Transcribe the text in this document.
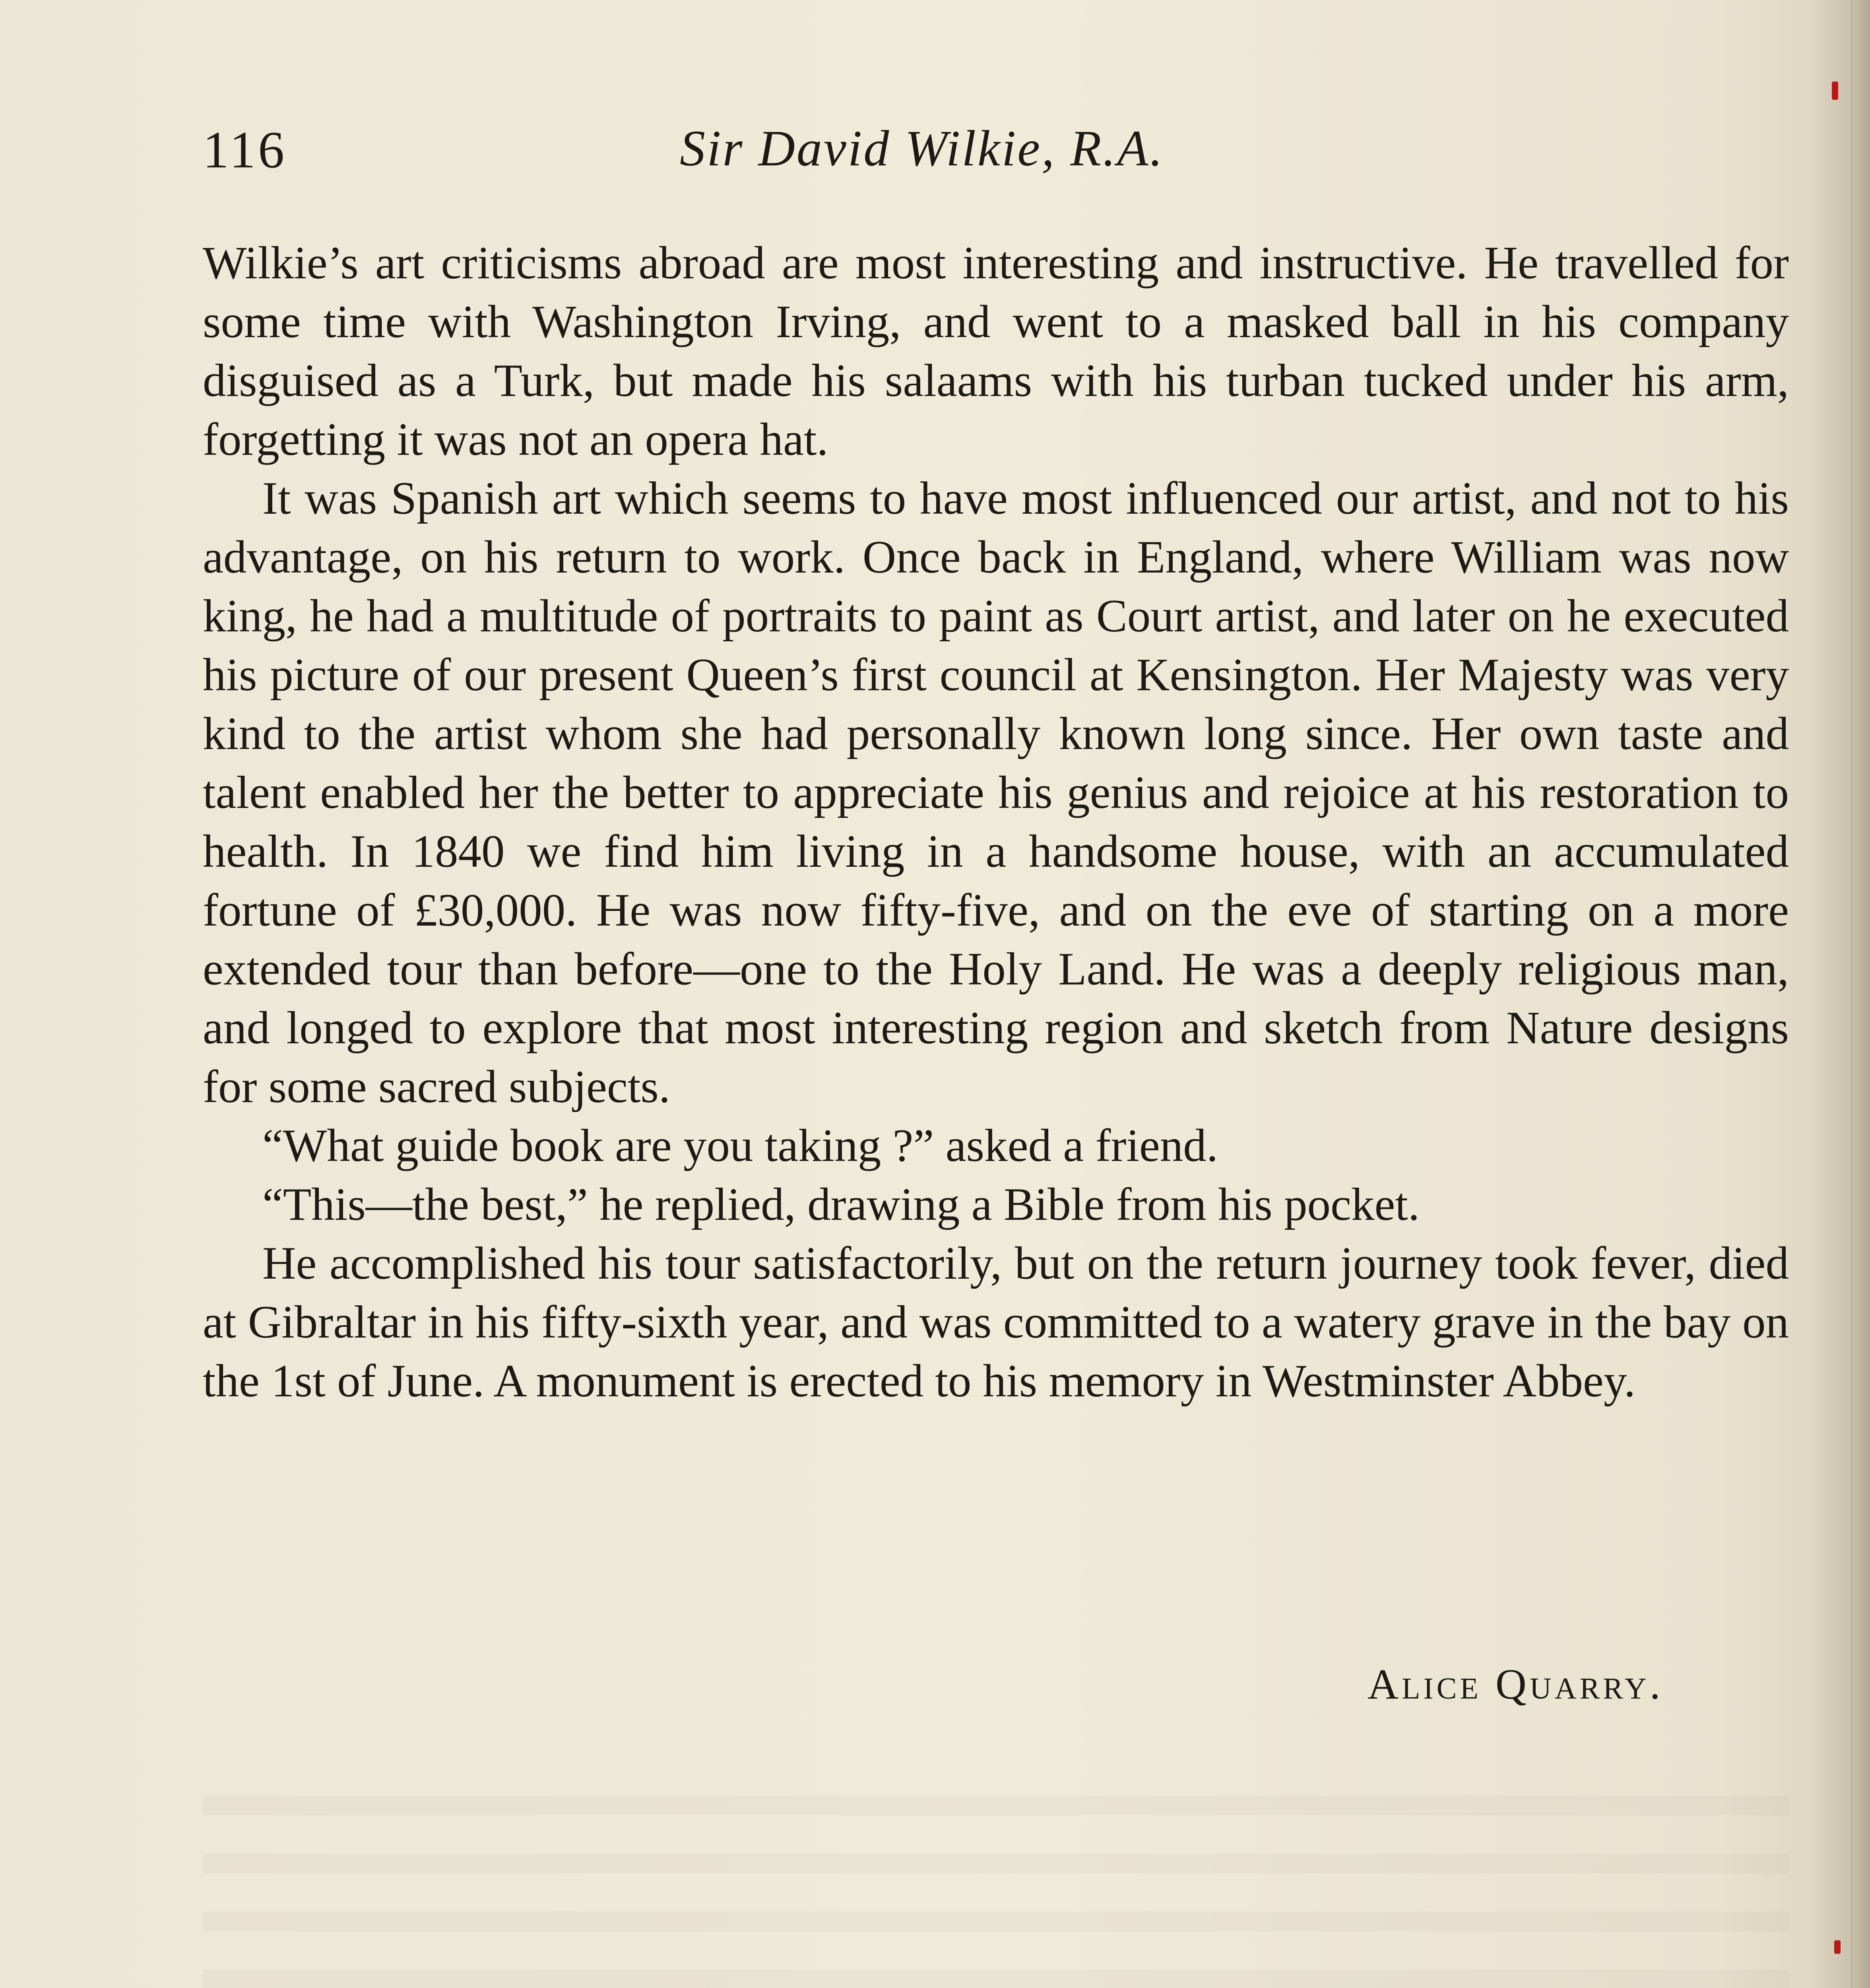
116	Sir David Wilkie, R.A.

Wilkie’s art criticisms abroad are most interesting and instructive. He travelled for some time with Washington Irving, and went to a masked ball in his company disguised as a Turk, but made his salaams with his turban tucked under his arm, forgetting it was not an opera hat.

It was Spanish art which seems to have most influenced our artist, and not to his advantage, on his return to work. Once back in England, where William was now king, he had a multitude of portraits to paint as Court artist, and later on he executed his picture of our present Queen’s first council at Kensington. Her Majesty was very kind to the artist whom she had personally known long since. Her own taste and talent enabled her the better to appreciate his genius and rejoice at his restoration to health. In 1840 we find him living in a handsome house, with an accumulated fortune of £30,000. He was now fifty-five, and on the eve of starting on a more extended tour than before—one to the Holy Land. He was a deeply religious man, and longed to explore that most interesting region and sketch from Nature designs for some sacred subjects.

“What guide book are you taking ?” asked a friend.

“This—the best,” he replied, drawing a Bible from his pocket.

He accomplished his tour satisfactorily, but on the return journey took fever, died at Gibraltar in his fifty-sixth year, and was committed to a watery grave in the bay on the 1st of June. A monument is erected to his memory in Westminster Abbey.

Alice Quarry.
